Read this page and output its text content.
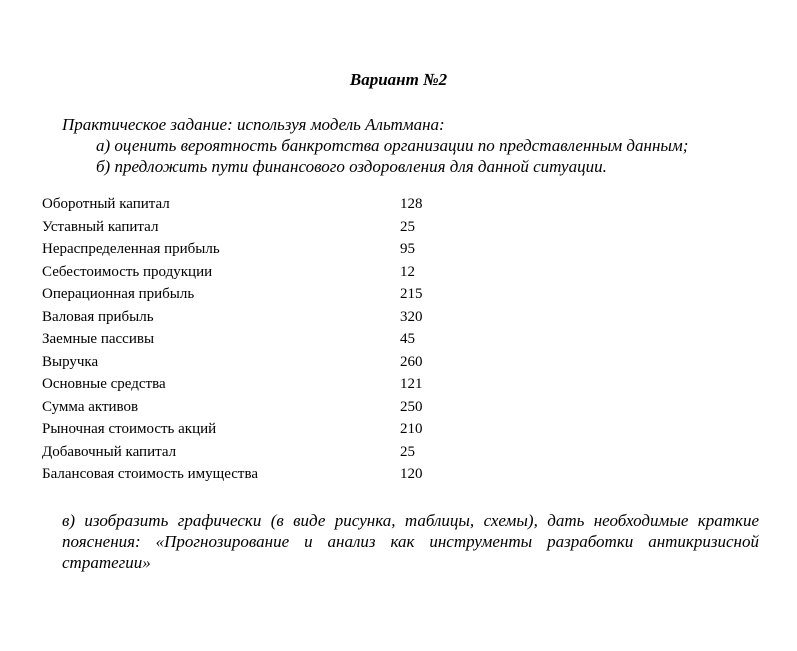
Вариант №2
Практическое задание: используя модель Альтмана:
а) оценить вероятность банкротства организации по представленным данным;
б) предложить пути финансового оздоровления для данной ситуации.
Оборотный капитал	128
Уставный капитал	25
Нераспределенная прибыль	95
Себестоимость продукции	12
Операционная прибыль	215
Валовая прибыль	320
Заемные пассивы	45
Выручка	260
Основные средства	121
Сумма активов	250
Рыночная стоимость акций	210
Добавочный капитал	25
Балансовая стоимость имущества	120
в) изобразить графически (в виде рисунка, таблицы, схемы), дать необходимые краткие пояснения: «Прогнозирование и анализ как инструменты разработки антикризисной стратегии»
